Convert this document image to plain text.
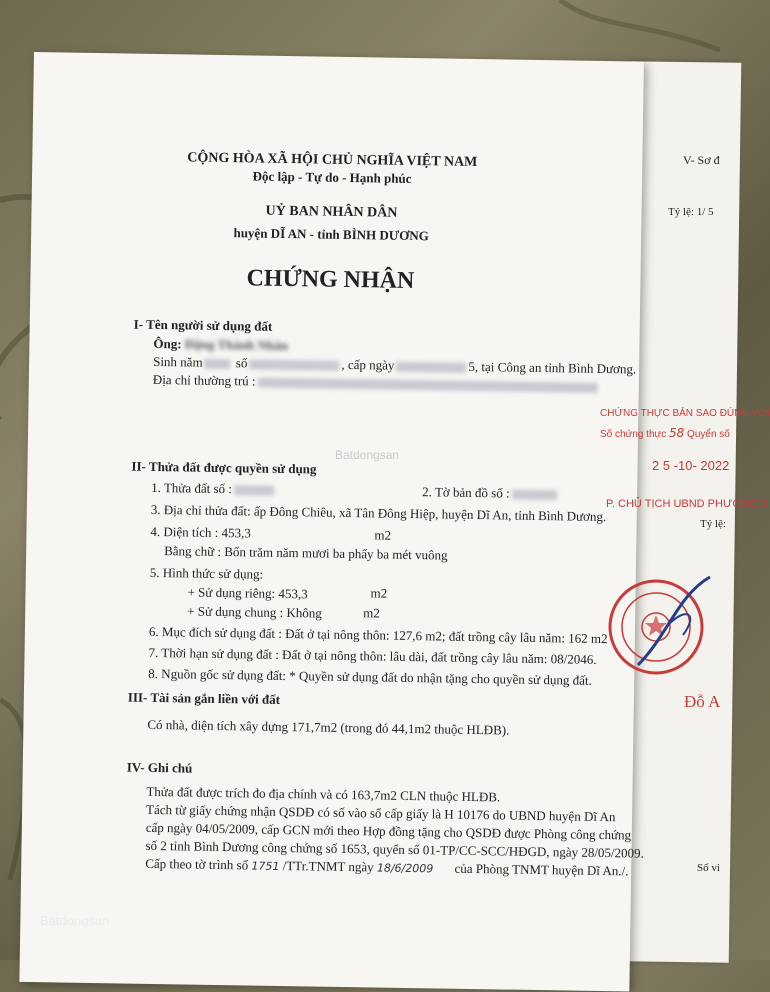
CỘNG HÒA XÃ HỘI CHỦ NGHĨA VIỆT NAM
Độc lập - Tự do - Hạnh phúc
UỶ BAN NHÂN DÂN
huyện DĨ AN - tỉnh BÌNH DƯƠNG
CHỨNG NHẬN
I- Tên người sử dụng đất
Ông: Đặng Thành Nhân
Sinh năm	số	, cấp ngày	5, tại Công an tỉnh Bình Dương.
Địa chỉ thường trú :
II- Thửa đất được quyền sử dụng
1. Thửa đất số :	2. Tờ bản đồ số :
3. Địa chỉ thửa đất: ấp Đông Chiêu, xã Tân Đông Hiệp, huyện Dĩ An, tỉnh Bình Dương.
4. Diện tích : 453,3	m2
Bằng chữ : Bốn trăm năm mươi ba phẩy ba mét vuông
5. Hình thức sử dụng:
+ Sử dụng riêng: 453,3	m2
+ Sử dụng chung : Không	m2
6. Mục đích sử dụng đất : Đất ở tại nông thôn: 127,6 m2; đất trồng cây lâu năm: 162 m2
7. Thời hạn sử dụng đất : Đất ở tại nông thôn: lâu dài, đất trồng cây lâu năm: 08/2046.
8. Nguồn gốc sử dụng đất: * Quyền sử dụng đất do nhận tặng cho quyền sử dụng đất.
III- Tài sản gắn liền với đất
Có nhà, diện tích xây dựng 171,7m2 (trong đó 44,1m2 thuộc HLĐB).
IV- Ghi chú
Thửa đất được trích đo địa chính và có 163,7m2 CLN thuộc HLĐB.
Tách từ giấy chứng nhận QSDĐ có số vào sổ cấp giấy là H 10176 do UBND huyện Dĩ An
cấp ngày 04/05/2009, cấp GCN mới theo Hợp đồng tặng cho QSDĐ được Phòng công chứng
số 2 tỉnh Bình Dương công chứng số 1653, quyển số 01-TP/CC-SCC/HĐGD, ngày 28/05/2009.
Cấp theo tờ trình số 1751 /TTr.TNMT ngày 18/6/2009 của Phòng TNMT huyện Dĩ An./.
V- Sơ đ
Tỷ lệ: 1/ 5
Tỷ lệ:
Số vi
CHỨNG THỰC BẢN SAO ĐÚNG VỚI
Số chứng thực 58 Quyển số
2 5 -10- 2022
P. CHỦ TỊCH UBND PHƯỜNG T
Đỗ A
Batdongsan
Batdongsan
